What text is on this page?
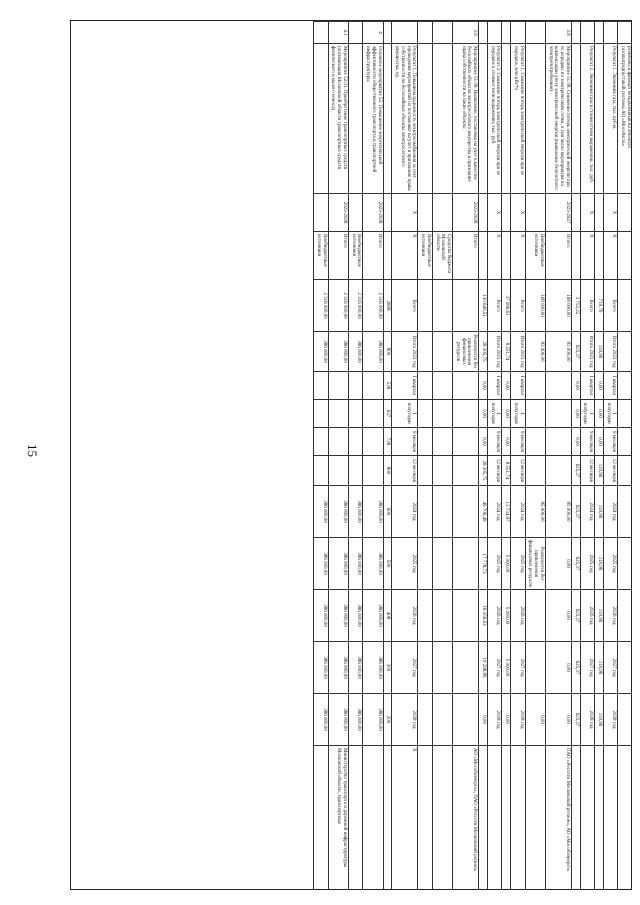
15
	резмбаны к фазевых бехьдъненный на объектах газопытредпуставой системы АО «Мособлгаз»														
	Результат 1. Экономия газа, тыс. куб.м.	X	X	Всего	Итого 2023 год	I квартал	I полугодие	9 месяцев	12 месяцев	2024 год	2025 год	2026 год	2027 год	2028 год	
				719,76	119,96	0,00	0,00	0,00	119,96	119,96	119,96	119,96	119,96	119,96	
	Результат 2. Экономия газа в стоимостном выражении, тыс. руб.	X	X	Всего	Итого 2023 год	I квартал	I полугодие	9 месяцев	12 месяцев	2024 год	2025 год	2026 год	2027 год	2028 год	
				3 752,22	625,37	0,00	0,00	0,00	625,37	625,37	625,37	625,37	625,37	625,37	
3.8	Мероприятие 51.08. Снижение потерь электрической энергии при ее передаче по электрическим сетям, в том числе мероприятия по компенсации учету электрической энергии (выявление безучетного электропотребления)	2023-2027	Итого:	168 000,00	83 000,00					85 000,00	0,00	0,00	0,00	0,00	ПАО «Россети Московский регион», АО «Мособлэнерго»
			Внебюджетные источники	168 000,00	83 000,00					85 000,00	Реализуется без привлечения финансовых ресурсов			0,00	
	Результат 1. Снижение потерь электрической энергии при ее передаче, млн кВт*ч	X	X	Всего	Итого 2023 год	I квартал	I полугодие	9 месяцев	12 месяцев	2024 год	2025 год	2026 год	2027 год	2028 год	
				37 286,61	8 551,74	0,00	0,00	0,00	8 551,74	13 734,87	5 000,00	5 000,00	5 000,00	0,00	
	Результат 2. Снижение потерь электрической энергии при ее передаче в стоимостном выражении, тыс. руб.	X	X	Всего	Итого 2023 год	I квартал	I полугодие	9 месяцев	12 месяцев	2024 год	2025 год	2026 год	2027 год	2028 год	
				130 640,51	28 305,75	0,00	0,00	0,00	28 305,75	46 706,49	17 778,73	18 356,63	19 298,89	0,00	
3.9	Мероприятие 51.09. Выявление, постановка на учет в качестве бесхозяйных объектов электросетевого имущества и признание права собственности на такие объекты	2023-2028	Итого:		Реализуется без привлечения финансовых ресурсов										АО «Мособлэнерго», ПАО «Россети Московский регион»
			Средства бюджета Московской области												
			Внебюджетные источники												
	Результат 1. Повышена надежность электроснабжения за счет проведения мероприятий по постановке на учет и признанию права собственности на бесхозяйные объекты электросетевого имущества, ед.	X	X	Всего	Итого 2023 год	I квартал	I полугодие	9 месяцев	12 месяцев	2024 год	2025 год	2026 год	2027 год	2028 год	X
				2808	800	538	637	738	800	600	500	408	300	200	
4	Основное мероприятие 52. Повышение энергетической эффективности общественного транспорта и транспортной инфраструктуры	2023-2028	Итого:	2 316 000,00	386 000,00					386 000,00	386 000,00	386 000,00	386 000,00	386 000,00	
			Внебюджетные источники	2 316 000,00	386 000,00					386 000,00	386 000,00	386 000,00	386 000,00	386 000,00	
4.1	Мероприятие 52.01. Приобретение транспортных средств (оптимизация Московской области транспортных средств физического и малого износа)	2023-2028	Итого:	2 316 000,00	386 000,00					386 000,00	386 000,00	386 000,00	386 000,00	386 000,00	Министерство транспорта и дорожной инфраструктуры Московской области, транспортные
			Внебюджетные источники	2 316 000,00	386 000,00					386 000,00	386 000,00	386 000,00	386 000,00	386 000,00	
